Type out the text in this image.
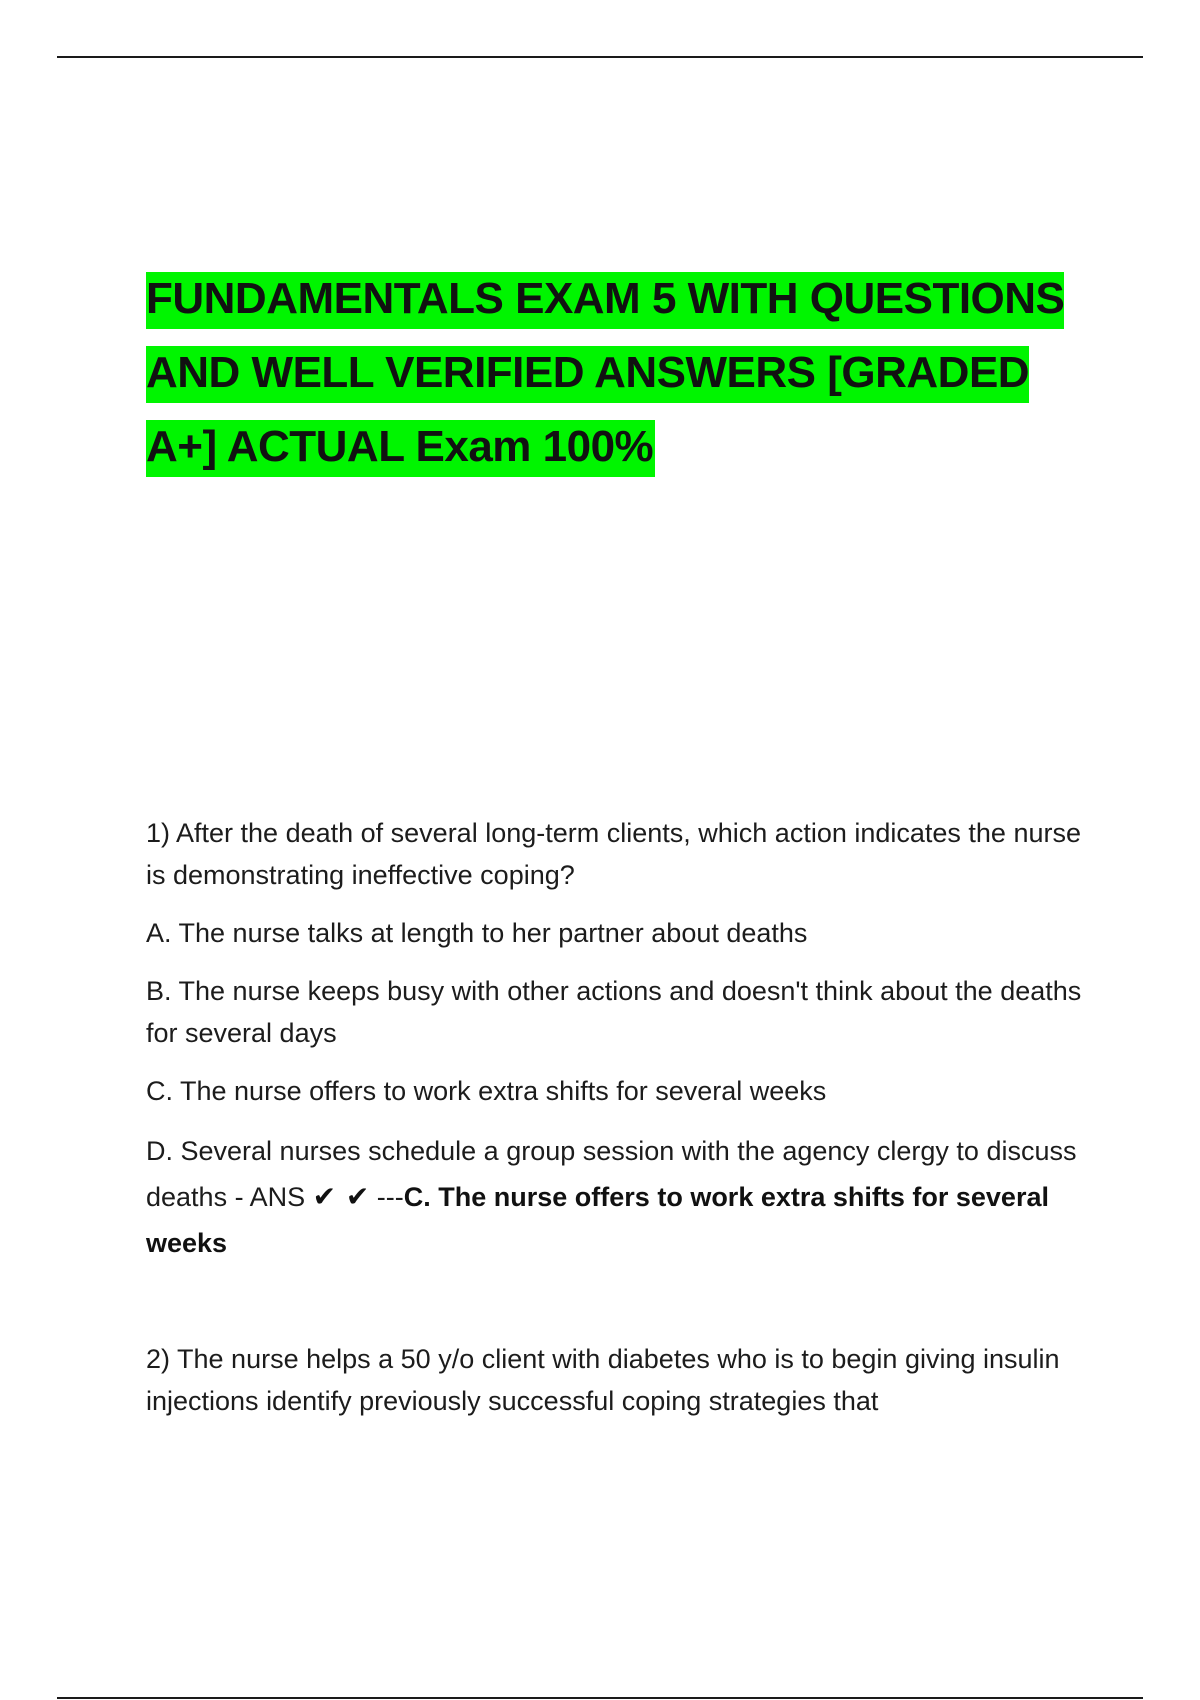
FUNDAMENTALS EXAM 5 WITH QUESTIONS AND WELL VERIFIED ANSWERS [GRADED A+] ACTUAL Exam 100%

1) After the death of several long-term clients, which action indicates the nurse is demonstrating ineffective coping?

A. The nurse talks at length to her partner about deaths

B. The nurse keeps busy with other actions and doesn't think about the deaths for several days

C. The nurse offers to work extra shifts for several weeks

D. Several nurses schedule a group session with the agency clergy to discuss deaths - ANS ✔ ✔ ---C. The nurse offers to work extra shifts for several weeks

2) The nurse helps a 50 y/o client with diabetes who is to begin giving insulin injections identify previously successful coping strategies that
